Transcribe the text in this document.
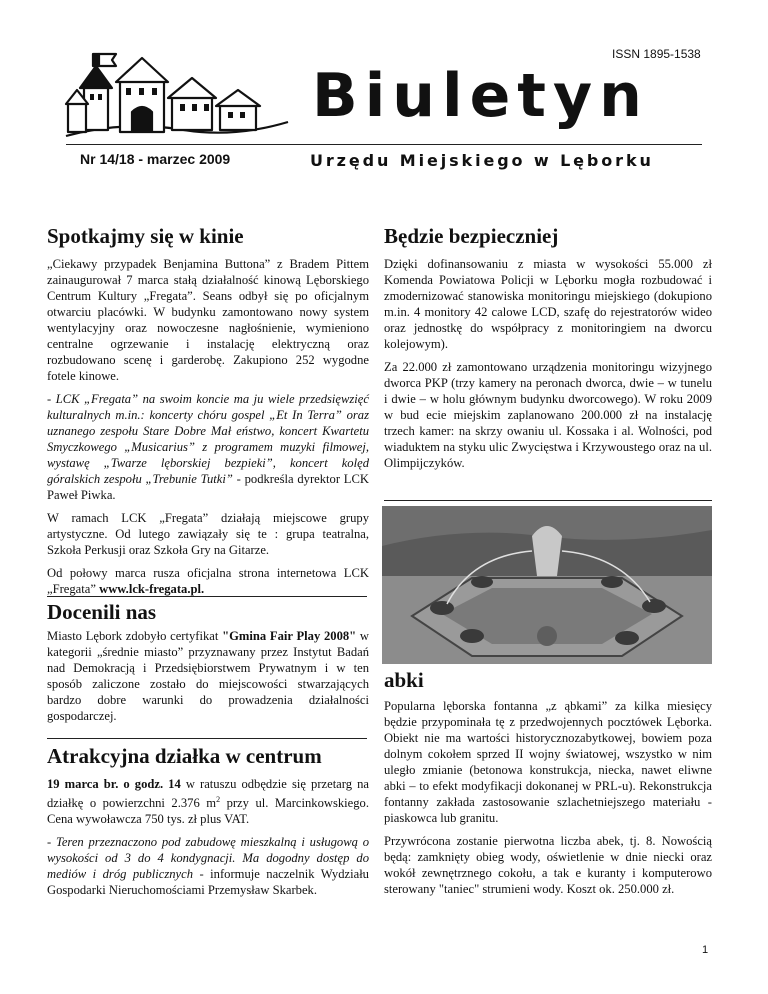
ISSN 1895-1538
Biuletyn
Urzędu Miejskiego w Lęborku
Nr 14/18 - marzec 2009
Spotkajmy się w kinie

„Ciekawy przypadek Benjamina Buttona” z Bradem Pittem zainaugurował 7 marca stałą działalność kinową Lęborskiego Centrum Kultury „Fregata”. Seans odbył się po oficjalnym otwarciu placówki. W budynku zamontowano nowy system wentylacyjny oraz nowoczesne nagłośnienie, wymieniono centralne ogrzewanie i instalację elektryczną oraz rozbudowano scenę i garderobę. Zakupiono 252 wygodne fotele kinowe.

- LCK „Fregata” na swoim koncie ma ju wiele przedsięwzięć kulturalnych m.in.: koncerty chóru gospel „Et In Terra” oraz uznanego zespołu Stare Dobre Mał eństwo, koncert Kwartetu Smyczkowego „Musicarius” z programem muzyki filmowej, wystawę „Twarze lęborskiej bezpieki”, koncert kolęd góralskich zespołu „Trebunie Tutki” - podkreśla dyrektor LCK Paweł Piwka.

W ramach LCK „Fregata” działają miejscowe grupy artystyczne. Od lutego zawiązały się te : grupa teatralna, Szkoła Perkusji oraz Szkoła Gry na Gitarze.

Od połowy marca rusza oficjalna strona internetowa LCK „Fregata” www.lck-fregata.pl.

Docenili nas

Miasto Lębork zdobyło certyfikat "Gmina Fair Play 2008" w kategorii „średnie miasto” przyznawany przez Instytut Badań nad Demokracją i Przedsiębiorstwem Prywatnym i w ten sposób zaliczone zostało do miejscowości stwarzających bardzo dobre warunki do prowadzenia działalności gospodarczej.

Atrakcyjna działka w centrum

19 marca br. o godz. 14 w ratuszu odbędzie się przetarg na działkę o powierzchni 2.376 $m^2$ przy ul. Marcinkowskiego. Cena wywoławcza 750 tys. zł plus VAT.

- Teren przeznaczono pod zabudowę mieszkalną i usługową o wysokości od 3 do 4 kondygnacji. Ma dogodny dostęp do mediów i dróg publicznych - informuje naczelnik Wydziału Gospodarki Nieruchomościami Przemysław Skarbek.

Będzie bezpieczniej

Dzięki dofinansowaniu z miasta w wysokości 55.000 zł Komenda Powiatowa Policji w Lęborku mogła rozbudować i zmodernizować stanowiska monitoringu miejskiego (dokupiono m.in. 4 monitory 42 calowe LCD, szafę do rejestratorów wideo oraz jednostkę do współpracy z monitoringiem na dworcu kolejowym).

Za 22.000 zł zamontowano urządzenia monitoringu wizyjnego dworca PKP (trzy kamery na peronach dworca, dwie – w tunelu i dwie – w holu głównym budynku dworcowego). W roku 2009 w bud ecie miejskim zaplanowano 200.000 zł na instalację trzech kamer: na skrzy owaniu ul. Kossaka i al. Wolności, pod wiaduktem na styku ulic Zwycięstwa i Krzywoustego oraz na ul. Olimpijczyków.

abki

Popularna lęborska fontanna „z ąbkami” za kilka miesięcy będzie przypominała tę z przedwojennych pocztówek Lęborka. Obiekt nie ma wartości historycznozabytkowej, bowiem poza dolnym cokołem sprzed II wojny światowej, wszystko w nim uległo zmianie (betonowa konstrukcja, niecka, nawet eliwne abki – to efekt modyfikacji dokonanej w PRL-u). Rekonstrukcja fontanny zakłada zastosowanie szlachetniejszego materiału - piaskowca lub granitu.

Przywrócona zostanie pierwotna liczba abek, tj. 8. Nowością będą: zamknięty obieg wody, oświetlenie w dnie niecki oraz wokół zewnętrznego cokołu, a tak e kuranty i komputerowo sterowany "taniec" strumieni wody. Koszt ok. 250.000 zł.

1
